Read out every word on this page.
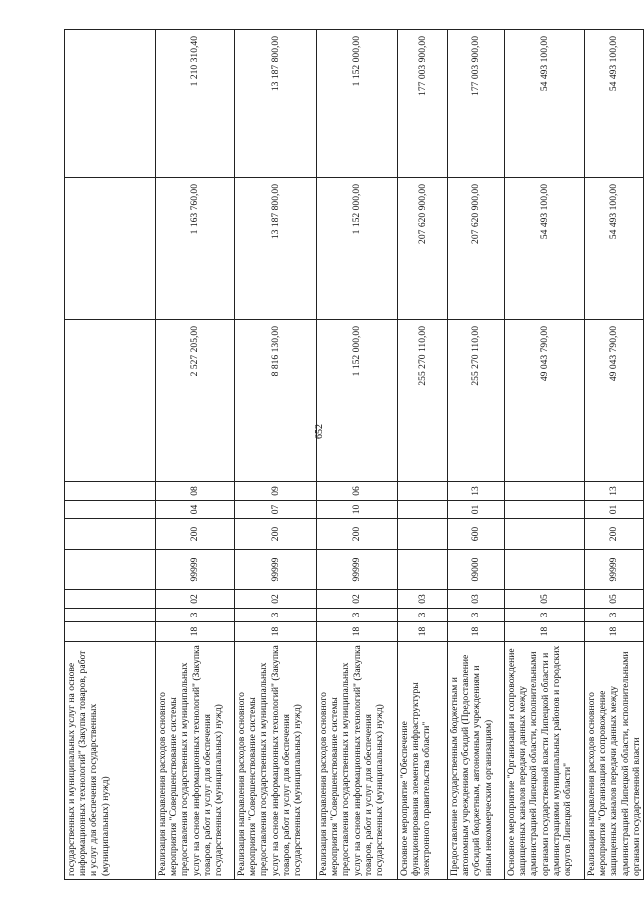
652
государственных и муниципальных услуг на основе информационных технологий" (Закупка товаров, работ и услуг для обеспечения государственных (муниципальных) нужд)										
Реализация направления расходов основного мероприятия "Совершенствование системы предоставления государственных и муниципальных услуг на основе информационных технологий" (Закупка товаров, работ и услуг для обеспечения государственных (муниципальных) нужд)	18	3	02	99999	200	04	08	2 527 205,00	1 163 760,00	1 210 310,40
Реализация направления расходов основного мероприятия "Совершенствование системы предоставления государственных и муниципальных услуг на основе информационных технологий" (Закупка товаров, работ и услуг для обеспечения государственных (муниципальных) нужд)	18	3	02	99999	200	07	09	8 816 130,00	13 187 800,00	13 187 800,00
Реализация направления расходов основного мероприятия "Совершенствование системы предоставления государственных и муниципальных услуг на основе информационных технологий" (Закупка товаров, работ и услуг для обеспечения государственных (муниципальных) нужд)	18	3	02	99999	200	10	06	1 152 000,00	1 152 000,00	1 152 000,00
Основное мероприятие "Обеспечение функционирования элементов инфраструктуры электронного правительства области"	18	3	03					255 270 110,00	207 620 900,00	177 003 900,00
Предоставление государственным бюджетным и автономным учреждениям субсидий (Предоставление субсидий бюджетным, автономным учреждениям и иным некоммерческим организациям)	18	3	03	09000	600	01	13	255 270 110,00	207 620 900,00	177 003 900,00
Основное мероприятие "Организация и сопровождение защищенных каналов передачи данных между администрацией Липецкой области, исполнительными органами государственной власти Липецкой области и администрациями муниципальных районов и городских округов Липецкой области"	18	3	05					49 043 790,00	54 493 100,00	54 493 100,00
Реализация направления расходов основного мероприятия "Организация и сопровождение защищенных каналов передачи данных между администрацией Липецкой области, исполнительными органами государственной власти	18	3	05	99999	200	01	13	49 043 790,00	54 493 100,00	54 493 100,00
